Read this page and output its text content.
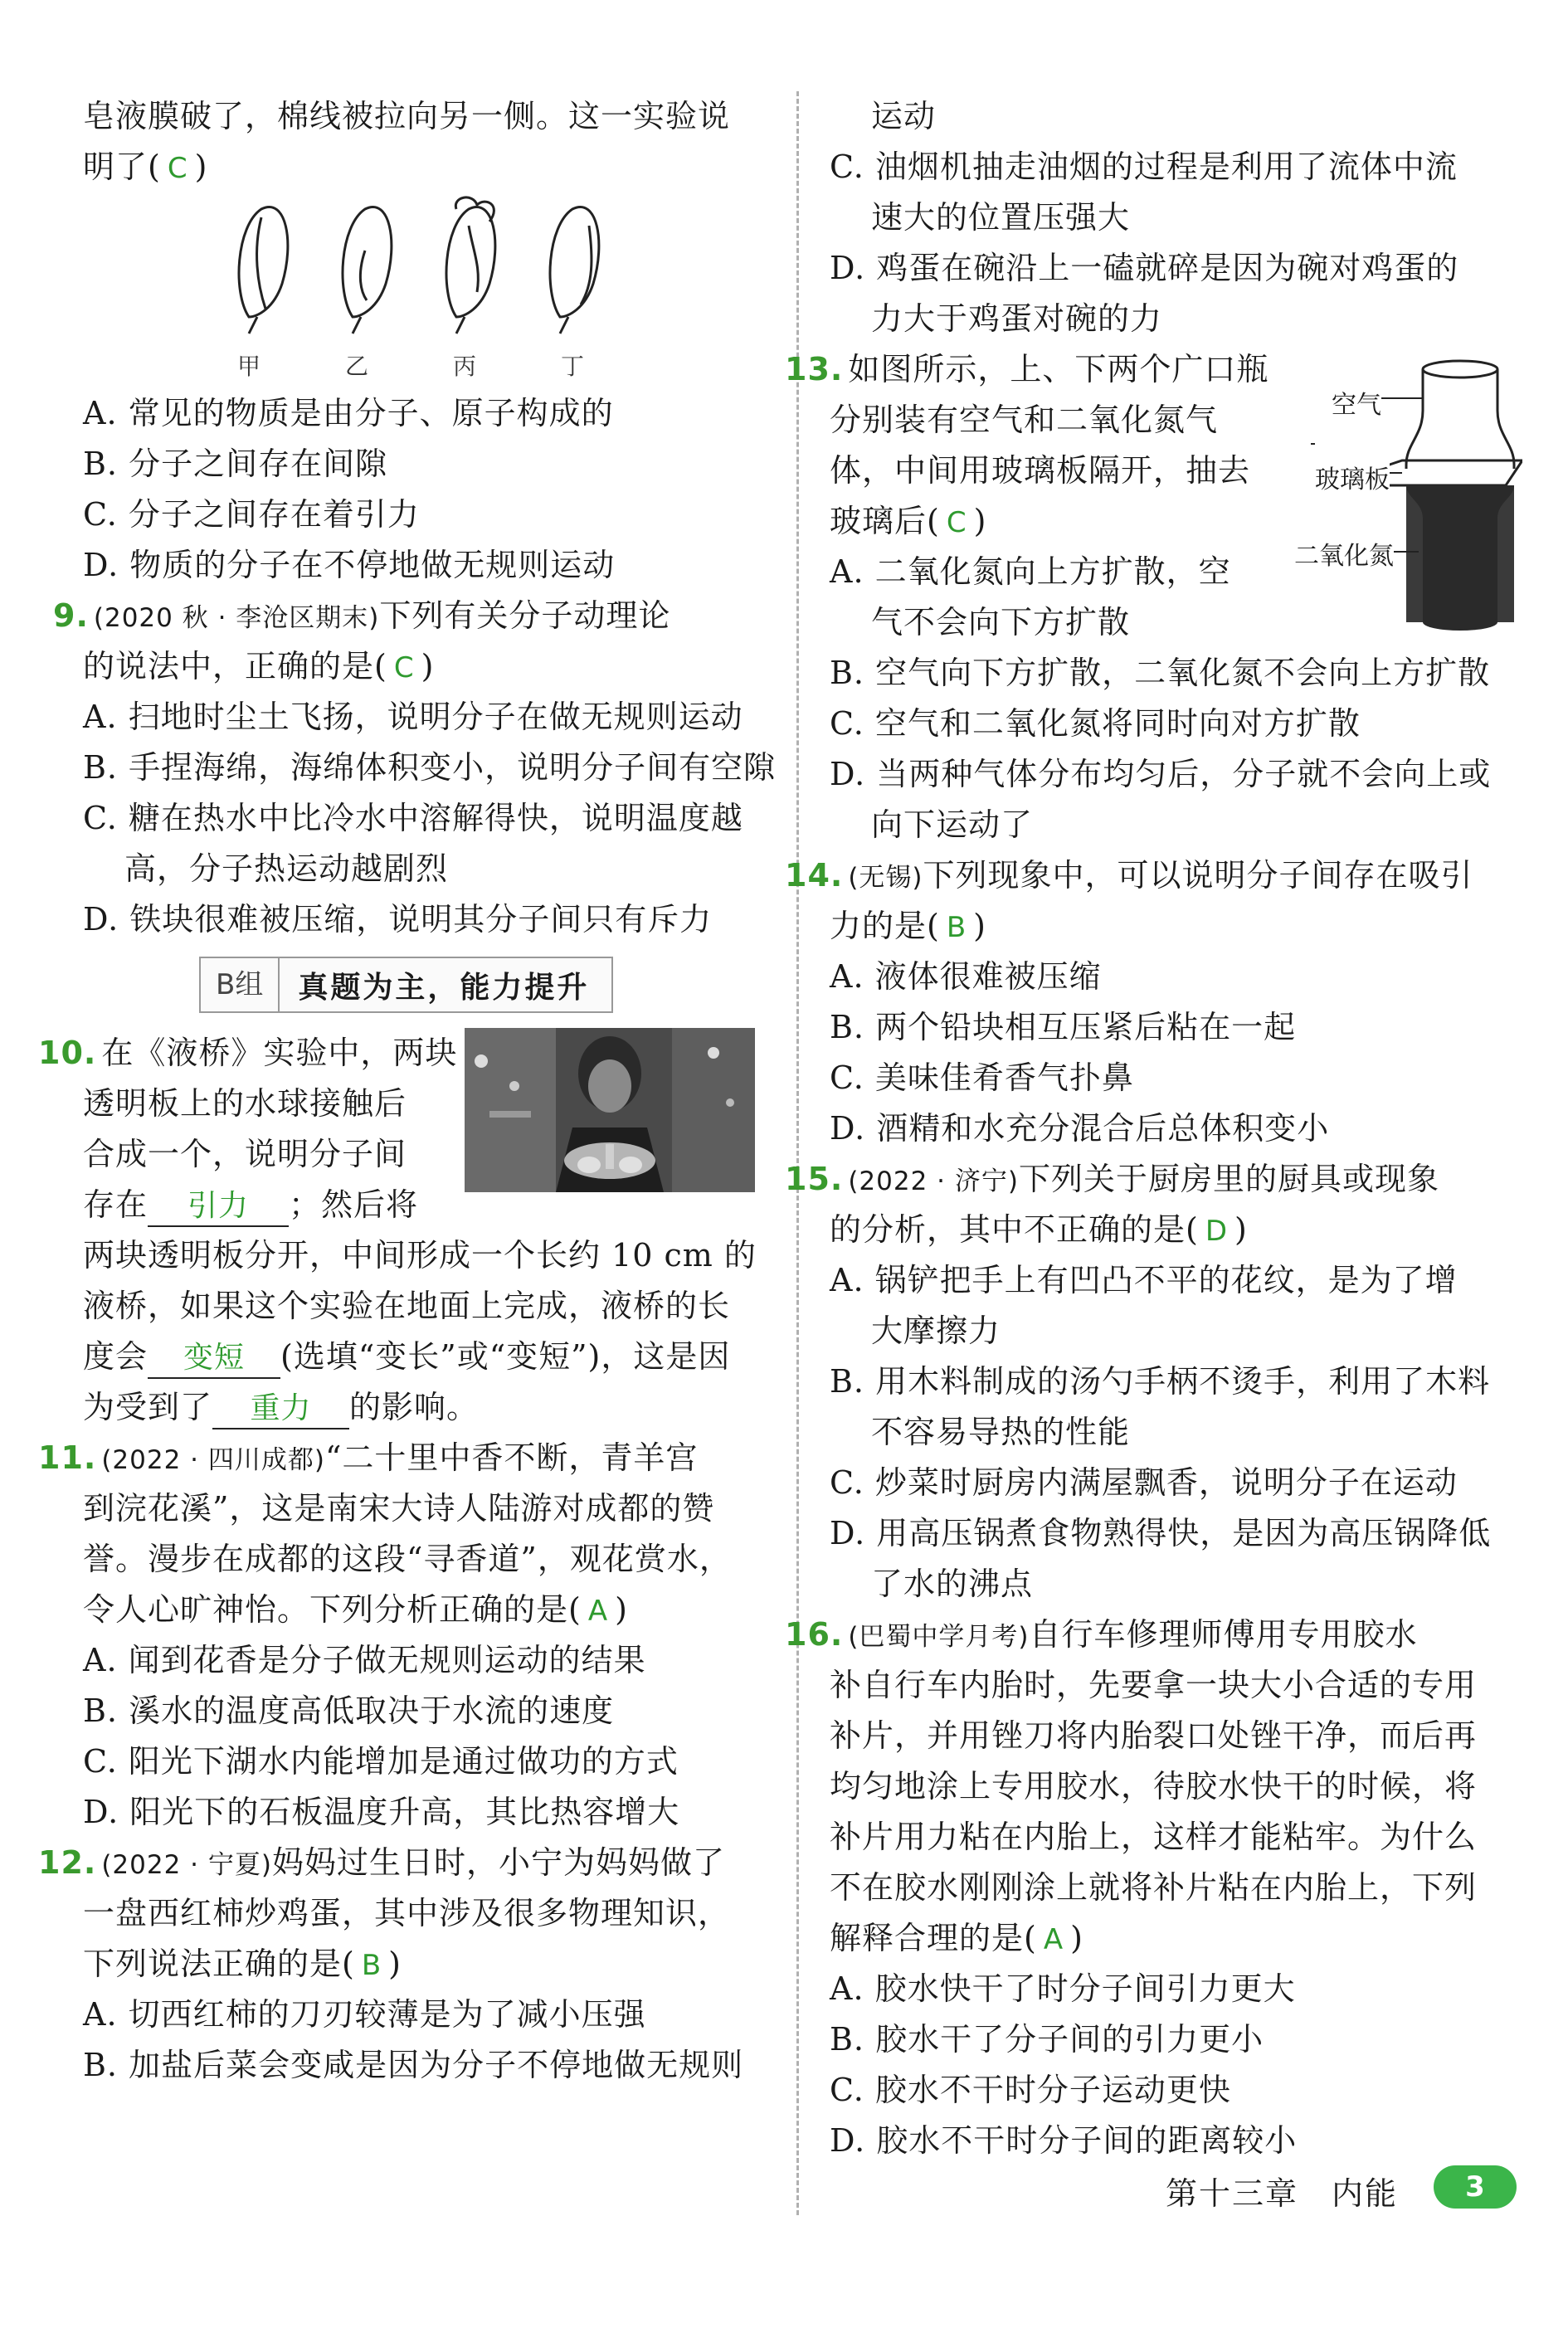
皂液膜破了，棉线被拉向另一侧。这一实验说
明了( C )
甲	乙	丙	丁
A. 常见的物质是由分子、原子构成的
B. 分子之间存在间隙
C. 分子之间存在着引力
D. 物质的分子在不停地做无规则运动
9. (2020 秋 · 李沧区期末)下列有关分子动理论
的说法中，正确的是( C )
A. 扫地时尘土飞扬，说明分子在做无规则运动
B. 手捏海绵，海绵体积变小，说明分子间有空隙
C. 糖在热水中比冷水中溶解得快，说明温度越
高，分子热运动越剧烈
D. 铁块很难被压缩，说明其分子间只有斥力
B组	真题为主，能力提升
10. 在《液桥》实验中，两块
透明板上的水球接触后
合成一个，说明分子间
存在 引力 ；然后将
两块透明板分开，中间形成一个长约 10 cm 的
液桥，如果这个实验在地面上完成，液桥的长
度会 变短 (选填“变长”或“变短”)，这是因
为受到了 重力 的影响。
11. (2022 · 四川成都)“二十里中香不断，青羊宫
到浣花溪”，这是南宋大诗人陆游对成都的赞
誉。漫步在成都的这段“寻香道”，观花赏水，
令人心旷神怡。下列分析正确的是( A )
A. 闻到花香是分子做无规则运动的结果
B. 溪水的温度高低取决于水流的速度
C. 阳光下湖水内能增加是通过做功的方式
D. 阳光下的石板温度升高，其比热容增大
12. (2022 · 宁夏)妈妈过生日时，小宁为妈妈做了
一盘西红柿炒鸡蛋，其中涉及很多物理知识，
下列说法正确的是( B )
A. 切西红柿的刀刃较薄是为了减小压强
B. 加盐后菜会变咸是因为分子不停地做无规则
运动
C. 油烟机抽走油烟的过程是利用了流体中流
速大的位置压强大
D. 鸡蛋在碗沿上一磕就碎是因为碗对鸡蛋的
力大于鸡蛋对碗的力
空气
玻璃板
二氧化氮
13. 如图所示，上、下两个广口瓶
分别装有空气和二氧化氮气
体，中间用玻璃板隔开，抽去
玻璃后( C )
A. 二氧化氮向上方扩散，空
气不会向下方扩散
B. 空气向下方扩散，二氧化氮不会向上方扩散
C. 空气和二氧化氮将同时向对方扩散
D. 当两种气体分布均匀后，分子就不会向上或
向下运动了
14. (无锡)下列现象中，可以说明分子间存在吸引
力的是( B )
A. 液体很难被压缩
B. 两个铅块相互压紧后粘在一起
C. 美味佳肴香气扑鼻
D. 酒精和水充分混合后总体积变小
15. (2022 · 济宁)下列关于厨房里的厨具或现象
的分析，其中不正确的是( D )
A. 锅铲把手上有凹凸不平的花纹，是为了增
大摩擦力
B. 用木料制成的汤勺手柄不烫手，利用了木料
不容易导热的性能
C. 炒菜时厨房内满屋飘香，说明分子在运动
D. 用高压锅煮食物熟得快，是因为高压锅降低
了水的沸点
16. (巴蜀中学月考)自行车修理师傅用专用胶水
补自行车内胎时，先要拿一块大小合适的专用
补片，并用锉刀将内胎裂口处锉干净，而后再
均匀地涂上专用胶水，待胶水快干的时候，将
补片用力粘在内胎上，这样才能粘牢。为什么
不在胶水刚刚涂上就将补片粘在内胎上，下列
解释合理的是( A )
A. 胶水快干了时分子间引力更大
B. 胶水干了分子间的引力更小
C. 胶水不干时分子运动更快
D. 胶水不干时分子间的距离较小
第十三章　内能	3
